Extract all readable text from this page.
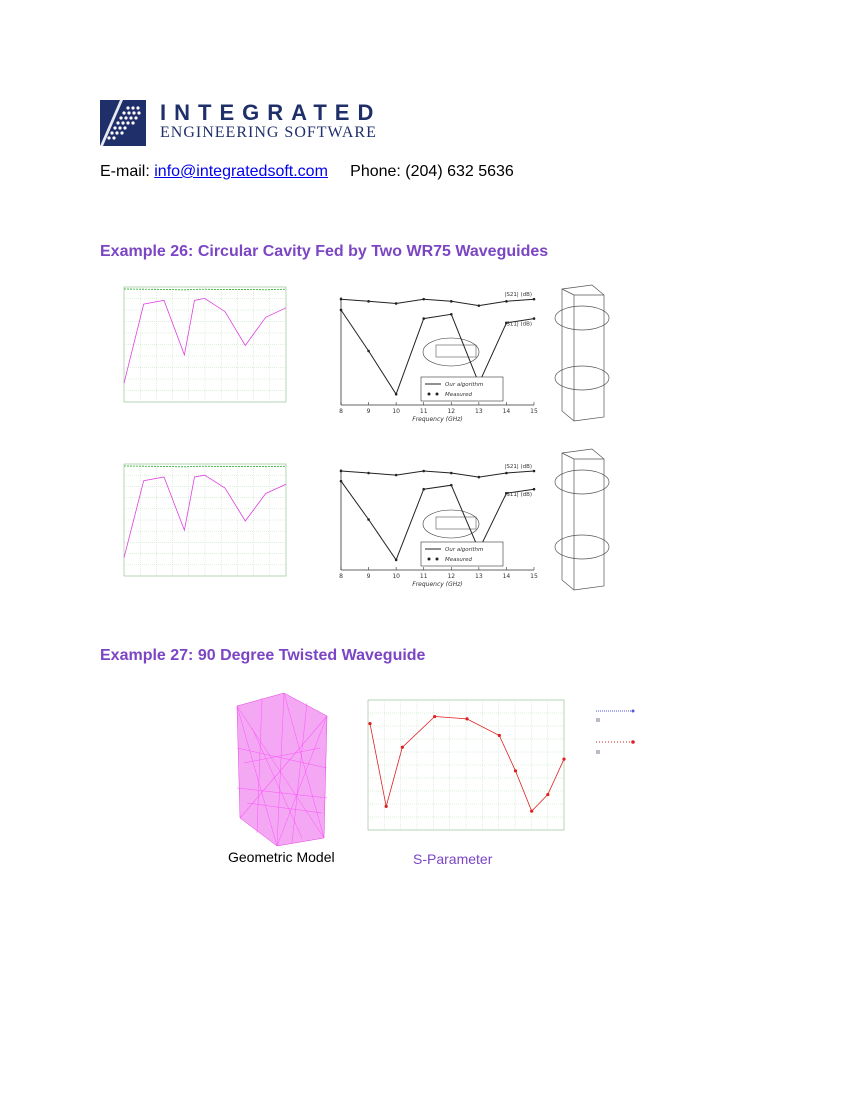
INTEGRATED
ENGINEERING SOFTWARE
E-mail: info@integratedsoft.com Phone: (204) 632 5636
Example 26: Circular Cavity Fed by Two WR75 Waveguides
8	9	10	11	12	13	14	15
Frequency (GHz)
|S21| (dB)
|S11| (dB)
Our algorithm
Measured
8	9	10	11	12	13	14	15
Frequency (GHz)
|S21| (dB)
|S11| (dB)
Our algorithm
Measured
Example 27: 90 Degree Twisted Waveguide
Geometric Model	S-Parameter
